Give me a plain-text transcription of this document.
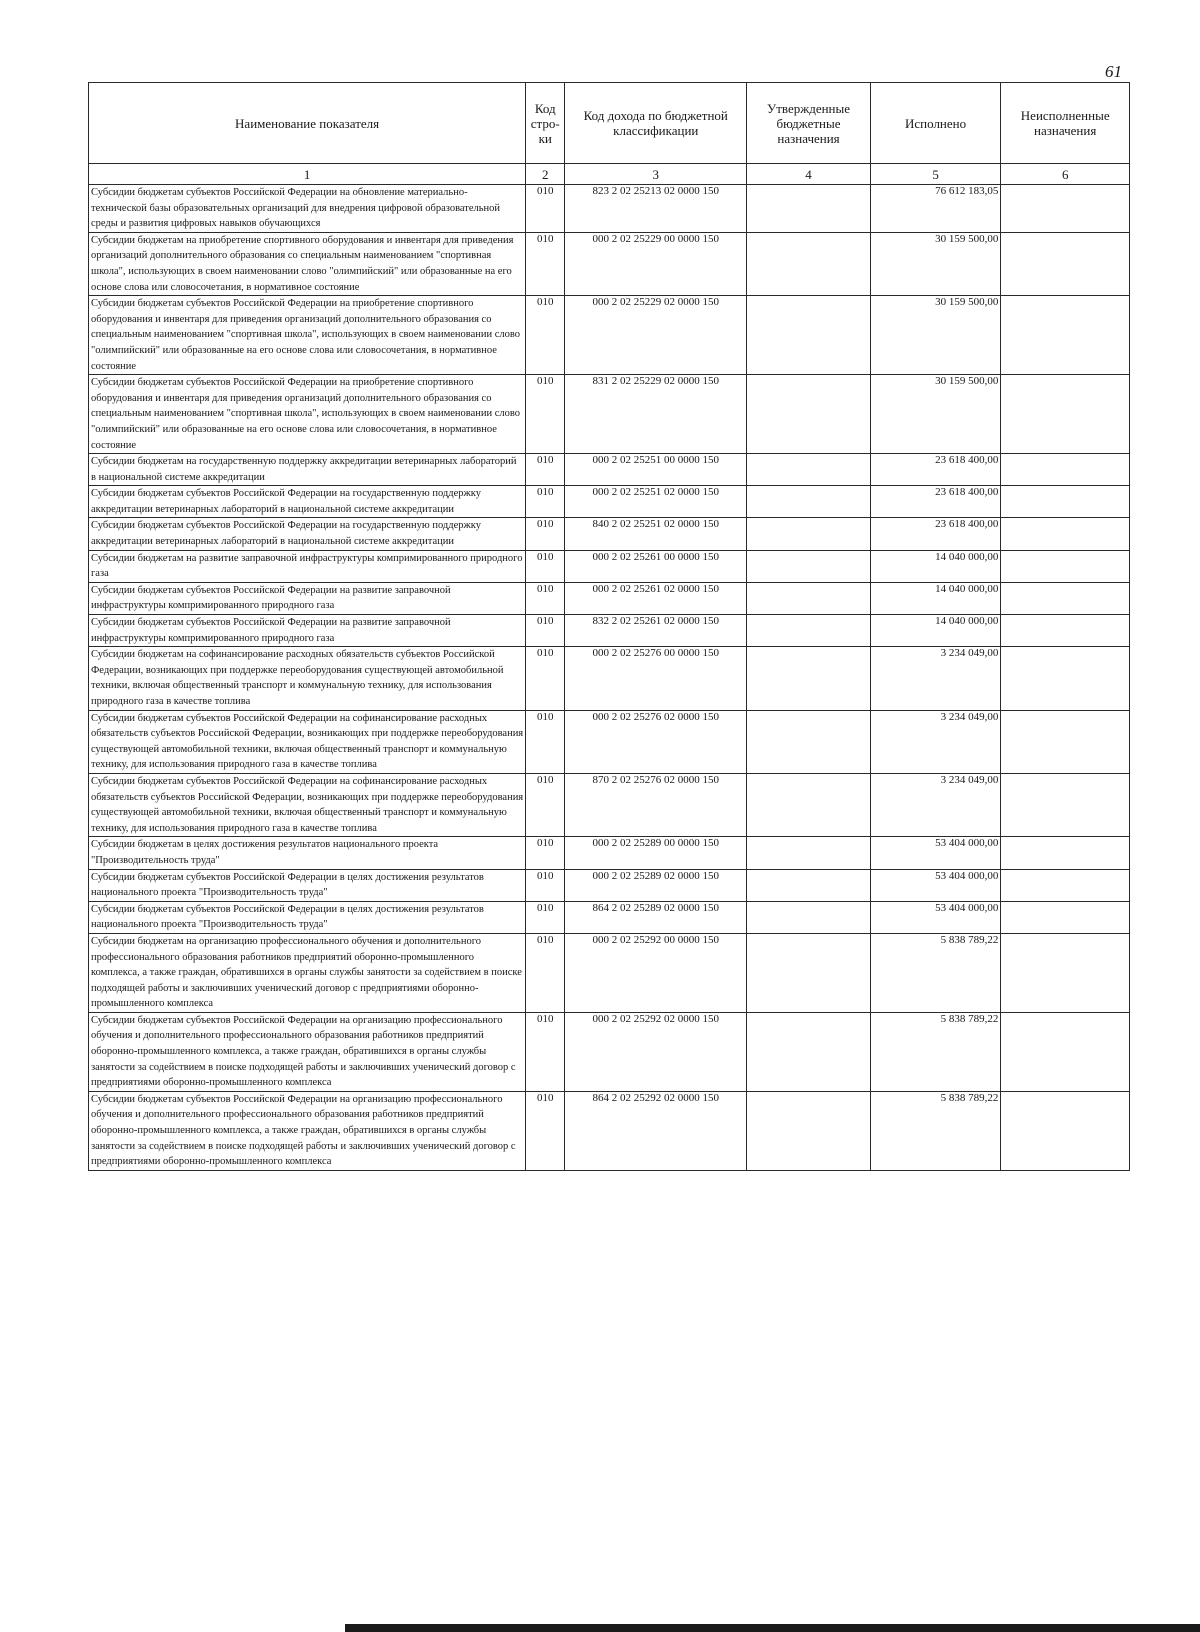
61
Наименование показателя	Код стро- ки	Код дохода по бюджетной классификации	Утвержденные бюджетные назначения	Исполнено	Неисполненные назначения
1	2	3	4	5	6
Субсидии бюджетам субъектов Российской Федерации на обновление материально-технической базы образовательных организаций для внедрения цифровой образовательной среды и развития цифровых навыков обучающихся	010	823 2 02 25213 02 0000 150		76 612 183,05	
Субсидии бюджетам на приобретение спортивного оборудования и инвентаря для приведения организаций дополнительного образования со специальным наименованием "спортивная школа", использующих в своем наименовании слово "олимпийский" или образованные на его основе слова или словосочетания, в нормативное состояние	010	000 2 02 25229 00 0000 150		30 159 500,00	
Субсидии бюджетам субъектов Российской Федерации на приобретение спортивного оборудования и инвентаря для приведения организаций дополнительного образования со специальным наименованием "спортивная школа", использующих в своем наименовании слово "олимпийский" или образованные на его основе слова или словосочетания, в нормативное состояние	010	000 2 02 25229 02 0000 150		30 159 500,00	
Субсидии бюджетам субъектов Российской Федерации на приобретение спортивного оборудования и инвентаря для приведения организаций дополнительного образования со специальным наименованием "спортивная школа", использующих в своем наименовании слово "олимпийский" или образованные на его основе слова или словосочетания, в нормативное состояние	010	831 2 02 25229 02 0000 150		30 159 500,00	
Субсидии бюджетам на государственную поддержку аккредитации ветеринарных лабораторий в национальной системе аккредитации	010	000 2 02 25251 00 0000 150		23 618 400,00	
Субсидии бюджетам субъектов Российской Федерации на государственную поддержку аккредитации ветеринарных лабораторий в национальной системе аккредитации	010	000 2 02 25251 02 0000 150		23 618 400,00	
Субсидии бюджетам субъектов Российской Федерации на государственную поддержку аккредитации ветеринарных лабораторий в национальной системе аккредитации	010	840 2 02 25251 02 0000 150		23 618 400,00	
Субсидии бюджетам на развитие заправочной инфраструктуры компримированного природного газа	010	000 2 02 25261 00 0000 150		14 040 000,00	
Субсидии бюджетам субъектов Российской Федерации на развитие заправочной инфраструктуры компримированного природного газа	010	000 2 02 25261 02 0000 150		14 040 000,00	
Субсидии бюджетам субъектов Российской Федерации на развитие заправочной инфраструктуры компримированного природного газа	010	832 2 02 25261 02 0000 150		14 040 000,00	
Субсидии бюджетам на софинансирование расходных обязательств субъектов Российской Федерации, возникающих при поддержке переоборудования существующей автомобильной техники, включая общественный транспорт и коммунальную технику, для использования природного газа в качестве топлива	010	000 2 02 25276 00 0000 150		3 234 049,00	
Субсидии бюджетам субъектов Российской Федерации на софинансирование расходных обязательств субъектов Российской Федерации, возникающих при поддержке переоборудования существующей автомобильной техники, включая общественный транспорт и коммунальную технику, для использования природного газа в качестве топлива	010	000 2 02 25276 02 0000 150		3 234 049,00	
Субсидии бюджетам субъектов Российской Федерации на софинансирование расходных обязательств субъектов Российской Федерации, возникающих при поддержке переоборудования существующей автомобильной техники, включая общественный транспорт и коммунальную технику, для использования природного газа в качестве топлива	010	870 2 02 25276 02 0000 150		3 234 049,00	
Субсидии бюджетам в целях достижения результатов национального проекта "Производительность труда"	010	000 2 02 25289 00 0000 150		53 404 000,00	
Субсидии бюджетам субъектов Российской Федерации в целях достижения результатов национального проекта "Производительность труда"	010	000 2 02 25289 02 0000 150		53 404 000,00	
Субсидии бюджетам субъектов Российской Федерации в целях достижения результатов национального проекта "Производительность труда"	010	864 2 02 25289 02 0000 150		53 404 000,00	
Субсидии бюджетам на организацию профессионального обучения и дополнительного профессионального образования работников предприятий оборонно-промышленного комплекса, а также граждан, обратившихся в органы службы занятости за содействием в поиске подходящей работы и заключивших ученический договор с предприятиями оборонно-промышленного комплекса	010	000 2 02 25292 00 0000 150		5 838 789,22	
Субсидии бюджетам субъектов Российской Федерации на организацию профессионального обучения и дополнительного профессионального образования работников предприятий оборонно-промышленного комплекса, а также граждан, обратившихся в органы службы занятости за содействием в поиске подходящей работы и заключивших ученический договор с предприятиями оборонно-промышленного комплекса	010	000 2 02 25292 02 0000 150		5 838 789,22	
Субсидии бюджетам субъектов Российской Федерации на организацию профессионального обучения и дополнительного профессионального образования работников предприятий оборонно-промышленного комплекса, а также граждан, обратившихся в органы службы занятости за содействием в поиске подходящей работы и заключивших ученический договор с предприятиями оборонно-промышленного комплекса	010	864 2 02 25292 02 0000 150		5 838 789,22	
